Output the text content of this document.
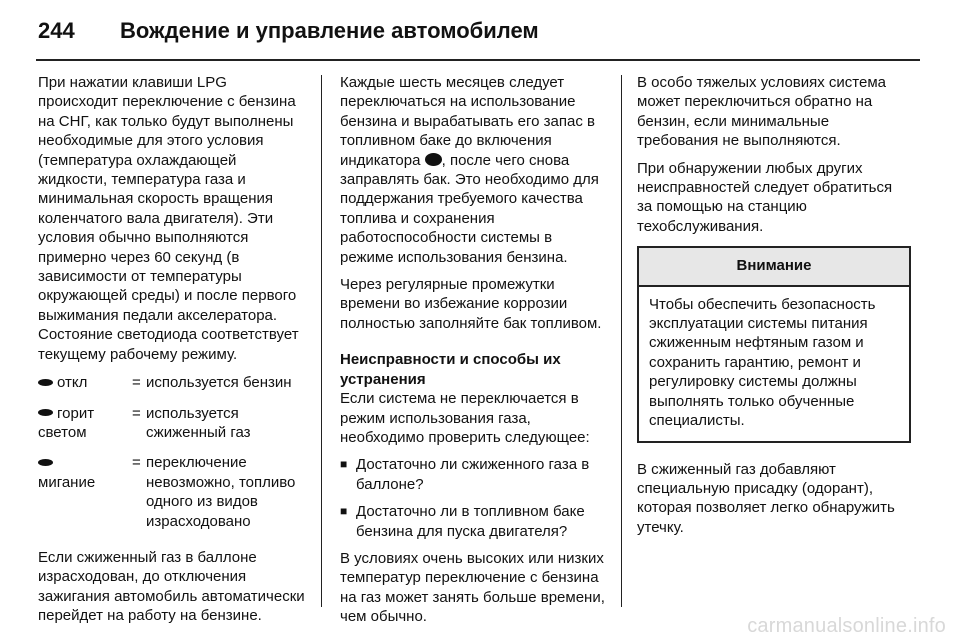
244	Вождение и управление автомобилем

При нажатии клавиши LPG происходит переключение с бензина на СНГ, как только будут выполнены необходимые для этого условия (температура охлаждающей жидкости, температура газа и минимальная скорость вращения коленчатого вала двигателя). Эти условия обычно выполняются примерно через 60 секунд (в зависимости от температуры окружающей среды) и после первого выжимания педали акселератора. Состояние светодиода соответствует текущему рабочему режиму.

откл	= используется бензин
горит светом
= используется сжиженный газ

мигание
= переключение невозможно, топливо одного из видов израсходовано

Если сжиженный газ в баллоне израсходован, до отключения зажигания автомобиль автоматически перейдет на работу на бензине.

Каждые шесть месяцев следует переключаться на использование бензина и вырабатывать его запас в топливном баке до включения индикатора , после чего снова заправлять бак. Это необходимо для поддержания требуемого качества топлива и сохранения работоспособности системы в режиме использования бензина.

Через регулярные промежутки времени во избежание коррозии полностью заполняйте бак топливом.

Неисправности и способы их устранения

Если система не переключается в режим использования газа, необходимо проверить следующее:

■ Достаточно ли сжиженного газа в баллоне?
■ Достаточно ли в топливном баке бензина для пуска двигателя?

В условиях очень высоких или низких температур переключение с бензина на газ может занять больше времени, чем обычно.

В особо тяжелых условиях система может переключиться обратно на бензин, если минимальные требования не выполняются.

При обнаружении любых других неисправностей следует обратиться за помощью на станцию техобслуживания.

Внимание
Чтобы обеспечить безопасность эксплуатации системы питания сжиженным нефтяным газом и сохранить гарантию, ремонт и регулировку системы должны выполнять только обученные специалисты.

В сжиженный газ добавляют специальную присадку (одорант), которая позволяет легко обнаружить утечку.

carmanualsonline.info
